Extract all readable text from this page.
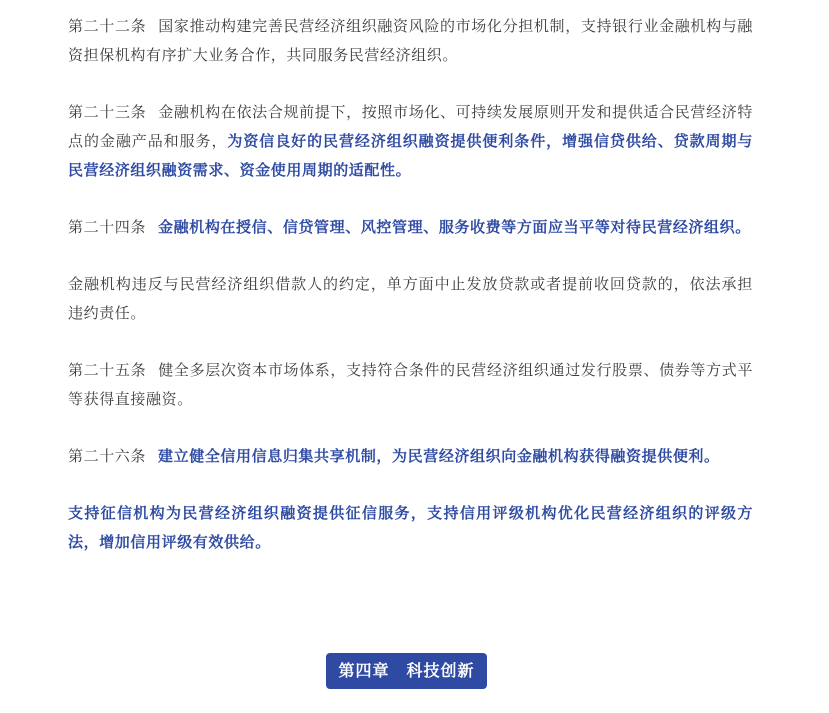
第二十二条 国家推动构建完善民营经济组织融资风险的市场化分担机制，支持银行业金融机构与融资担保机构有序扩大业务合作，共同服务民营经济组织。

第二十三条 金融机构在依法合规前提下，按照市场化、可持续发展原则开发和提供适合民营经济特点的金融产品和服务，为资信良好的民营经济组织融资提供便利条件，增强信贷供给、贷款周期与民营经济组织融资需求、资金使用周期的适配性。

第二十四条 金融机构在授信、信贷管理、风控管理、服务收费等方面应当平等对待民营经济组织。

金融机构违反与民营经济组织借款人的约定，单方面中止发放贷款或者提前收回贷款的，依法承担违约责任。

第二十五条 健全多层次资本市场体系，支持符合条件的民营经济组织通过发行股票、债券等方式平等获得直接融资。

第二十六条 建立健全信用信息归集共享机制，为民营经济组织向金融机构获得融资提供便利。

支持征信机构为民营经济组织融资提供征信服务，支持信用评级机构优化民营经济组织的评级方法，增加信用评级有效供给。

第四章　科技创新
